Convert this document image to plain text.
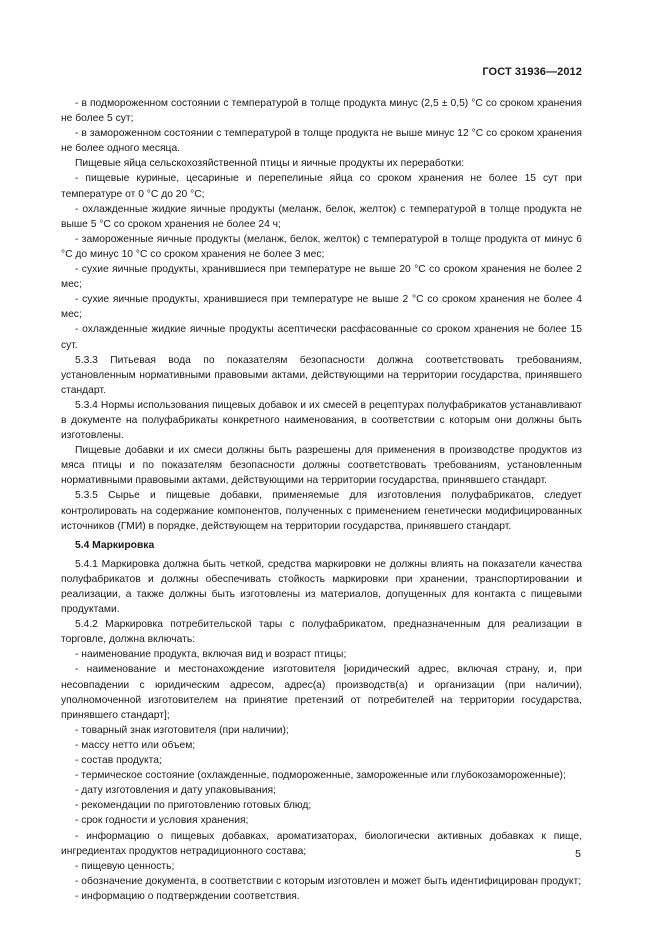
ГОСТ 31936—2012

- в подмороженном состоянии с температурой в толще продукта минус (2,5 ± 0,5) °С со сроком хранения не более 5 сут;

- в замороженном состоянии с температурой в толще продукта не выше минус 12 °С со сроком хранения не более одного месяца.

Пищевые яйца сельскохозяйственной птицы и яичные продукты их переработки:

- пищевые куриные, цесариные и перепелиные яйца со сроком хранения не более 15 сут при температуре от 0 °С до 20 °С;

- охлажденные жидкие яичные продукты (меланж, белок, желток) с температурой в толще продукта не выше 5 °С со сроком хранения не более 24 ч;

- замороженные яичные продукты (меланж, белок, желток) с температурой в толще продукта от минус 6 °С до минус 10 °С со сроком хранения не более 3 мес;

- сухие яичные продукты, хранившиеся при температуре не выше 20 °С со сроком хранения не более 2 мес;

- сухие яичные продукты, хранившиеся при температуре не выше 2 °С со сроком хранения не более 4 мес;

- охлажденные жидкие яичные продукты асептически расфасованные со сроком хранения не более 15 сут.

5.3.3 Питьевая вода по показателям безопасности должна соответствовать требованиям, установленным нормативными правовыми актами, действующими на территории государства, принявшего стандарт.

5.3.4 Нормы использования пищевых добавок и их смесей в рецептурах полуфабрикатов устанавливают в документе на полуфабрикаты конкретного наименования, в соответствии с которым они должны быть изготовлены.

Пищевые добавки и их смеси должны быть разрешены для применения в производстве продуктов из мяса птицы и по показателям безопасности должны соответствовать требованиям, установленным нормативными правовыми актами, действующими на территории государства, принявшего стандарт.

5.3.5 Сырье и пищевые добавки, применяемые для изготовления полуфабрикатов, следует контролировать на содержание компонентов, полученных с применением генетически модифицированных источников (ГМИ) в порядке, действующем на территории государства, принявшего стандарт.

5.4 Маркировка

5.4.1 Маркировка должна быть четкой, средства маркировки не должны влиять на показатели качества полуфабрикатов и должны обеспечивать стойкость маркировки при хранении, транспортировании и реализации, а также должны быть изготовлены из материалов, допущенных для контакта с пищевыми продуктами.

5.4.2 Маркировка потребительской тары с полуфабрикатом, предназначенным для реализации в торговле, должна включать:

- наименование продукта, включая вид и возраст птицы;

- наименование и местонахождение изготовителя [юридический адрес, включая страну, и, при несовпадении с юридическим адресом, адрес(а) производств(а) и организации (при наличии), уполномоченной изготовителем на принятие претензий от потребителей на территории государства, принявшего стандарт];

- товарный знак изготовителя (при наличии);

- массу нетто или объем;

- состав продукта;

- термическое состояние (охлажденные, подмороженные, замороженные или глубокозамороженные);

- дату изготовления и дату упаковывания;

- рекомендации по приготовлению готовых блюд;

- срок годности и условия хранения;

- информацию о пищевых добавках, ароматизаторах, биологически активных добавках к пище, ингредиентах продуктов нетрадиционного состава;

- пищевую ценность;

- обозначение документа, в соответствии с которым изготовлен и может быть идентифицирован продукт;

- информацию о подтверждении соответствия.

5
